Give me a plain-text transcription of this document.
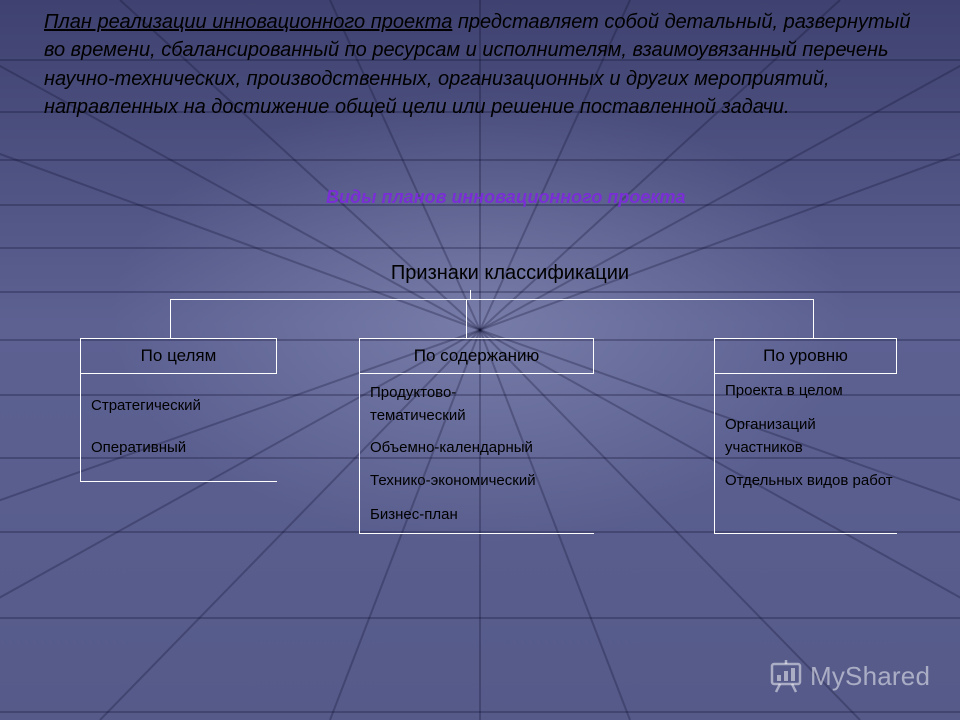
План реализации инновационного проекта представляет собой детальный, развернутый во времени, сбалансированный по ресурсам и исполнителям, взаимоувязанный перечень научно-технических, производственных, организационных и других мероприятий, направленных на достижение общей цели или решение поставленной задачи.
Виды планов инновационного проекта
Признаки классификации
По целям
Стратегический
Оперативный
По содержанию
Продуктово-тематический
Объемно-календарный
Технико-экономический
Бизнес-план
По уровню
Проекта в целом
Организаций участников
Отдельных видов работ
MyShared
